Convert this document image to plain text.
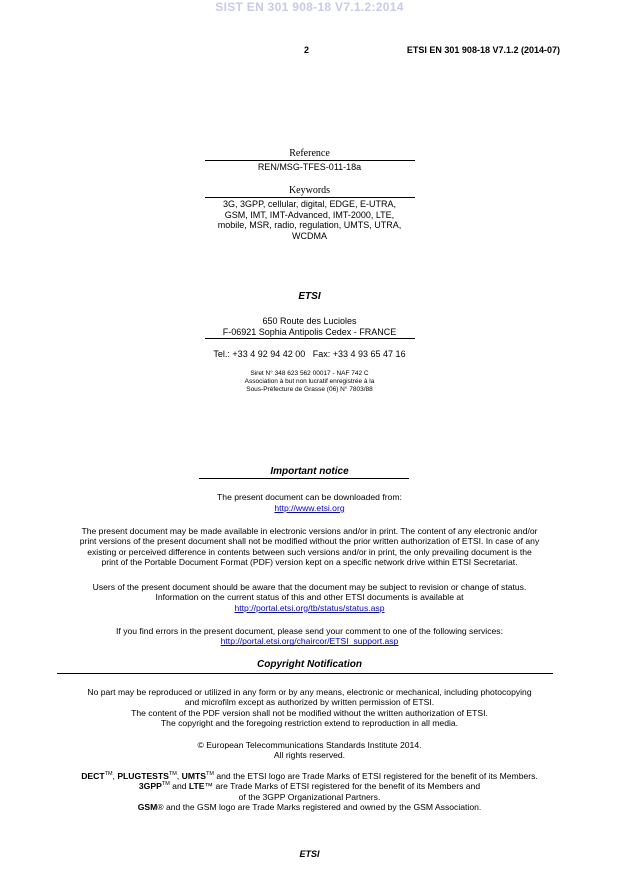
SIST EN 301 908-18 V7.1.2:2014
2	ETSI EN 301 908-18 V7.1.2 (2014-07)
Reference
REN/MSG-TFES-011-18a
Keywords
3G, 3GPP, cellular, digital, EDGE, E-UTRA,
GSM, IMT, IMT-Advanced, IMT-2000, LTE,
mobile, MSR, radio, regulation, UMTS, UTRA,
WCDMA
ETSI
650 Route des Lucioles
F-06921 Sophia Antipolis Cedex - FRANCE
Tel.: +33 4 92 94 42 00   Fax: +33 4 93 65 47 16
Siret N° 348 623 562 00017 - NAF 742 C
Association à but non lucratif enregistrée à la
Sous-Préfecture de Grasse (06) N° 7803/88
Important notice
The present document can be downloaded from:
http://www.etsi.org
The present document may be made available in electronic versions and/or in print. The content of any electronic and/or
print versions of the present document shall not be modified without the prior written authorization of ETSI. In case of any
existing or perceived difference in contents between such versions and/or in print, the only prevailing document is the
print of the Portable Document Format (PDF) version kept on a specific network drive within ETSI Secretariat.
Users of the present document should be aware that the document may be subject to revision or change of status.
Information on the current status of this and other ETSI documents is available at
http://portal.etsi.org/tb/status/status.asp
If you find errors in the present document, please send your comment to one of the following services:
http://portal.etsi.org/chaircor/ETSI_support.asp
Copyright Notification
No part may be reproduced or utilized in any form or by any means, electronic or mechanical, including photocopying
and microfilm except as authorized by written permission of ETSI.
The content of the PDF version shall not be modified without the written authorization of ETSI.
The copyright and the foregoing restriction extend to reproduction in all media.
© European Telecommunications Standards Institute 2014.
All rights reserved.
DECT™, PLUGTESTS™, UMTS™ and the ETSI logo are Trade Marks of ETSI registered for the benefit of its Members.
3GPP™ and LTE™ are Trade Marks of ETSI registered for the benefit of its Members and
of the 3GPP Organizational Partners.
GSM® and the GSM logo are Trade Marks registered and owned by the GSM Association.
ETSI
